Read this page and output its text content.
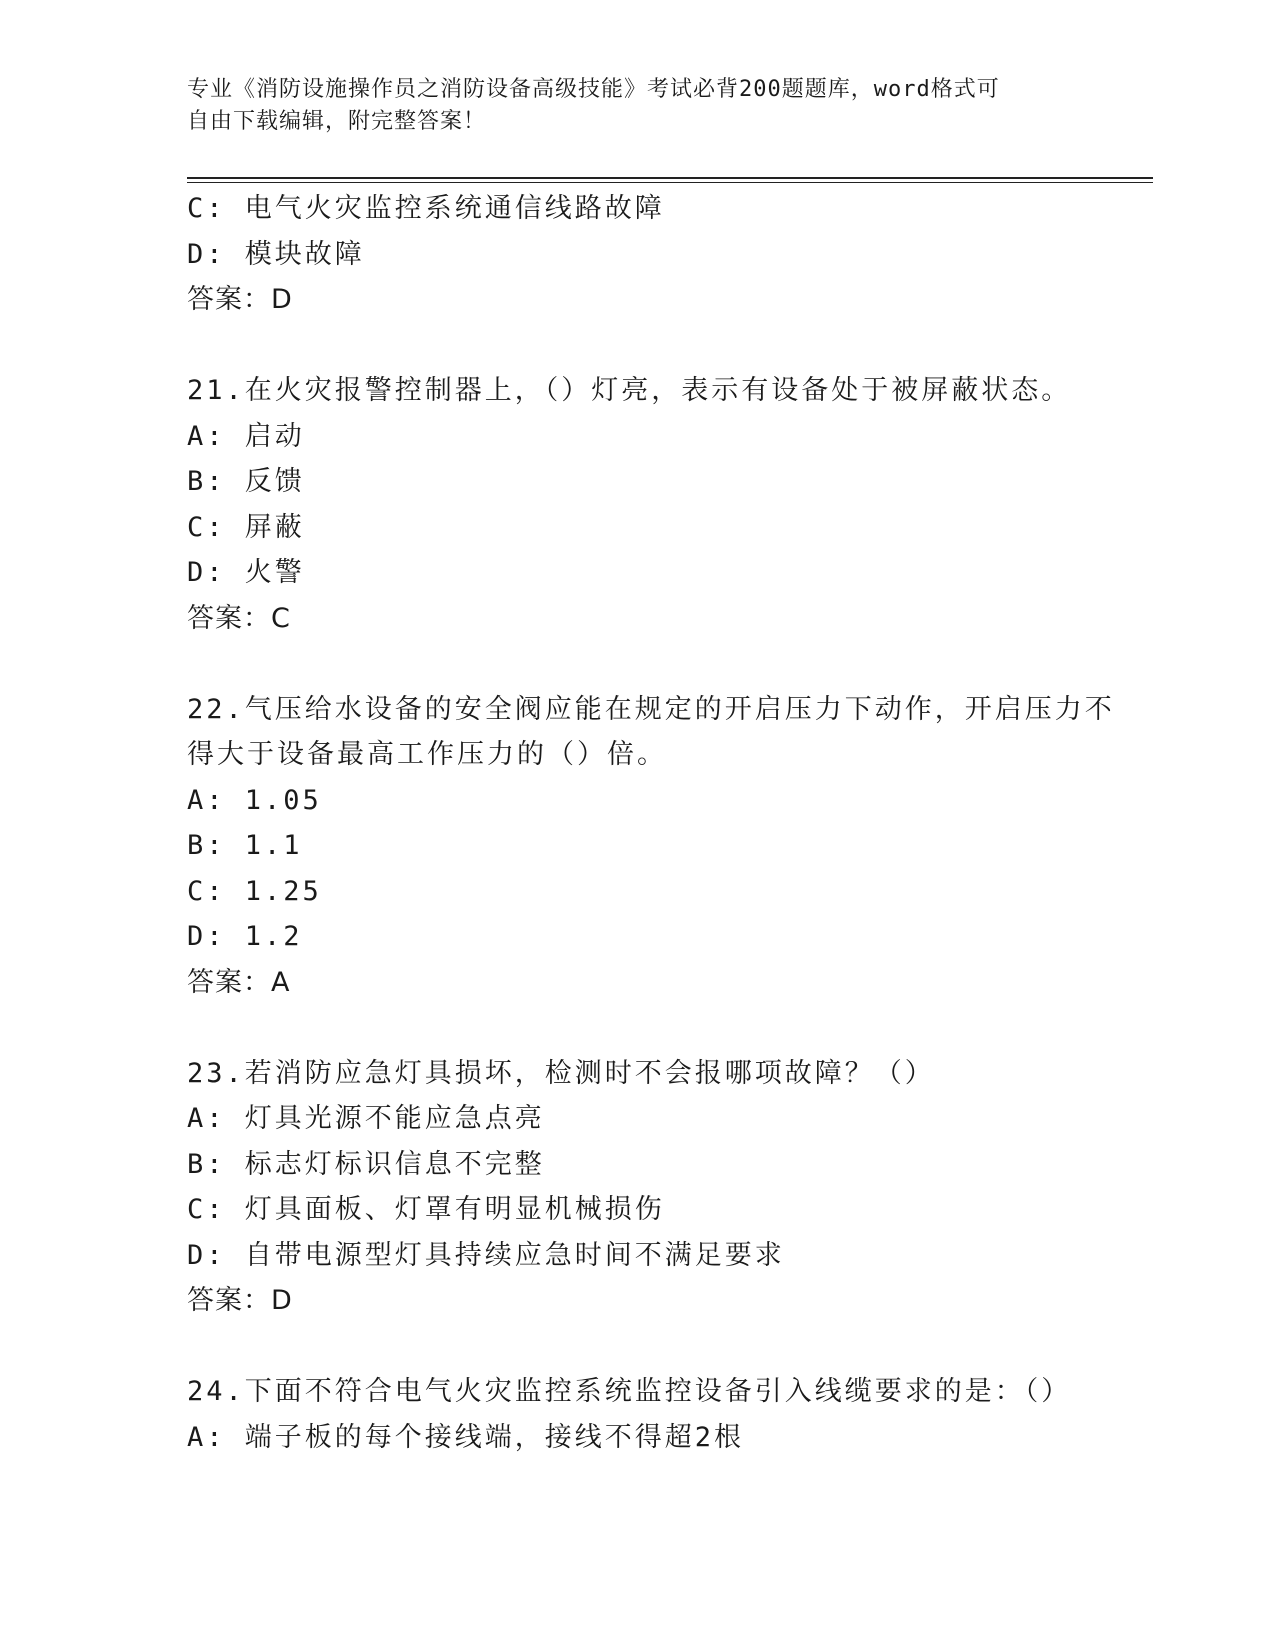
专业《消防设施操作员之消防设备高级技能》考试必背200题题库，word格式可
自由下载编辑，附完整答案！
C: 电气火灾监控系统通信线路故障
D: 模块故障
答案：D
21.在火灾报警控制器上，（）灯亮，表示有设备处于被屏蔽状态。
A: 启动
B: 反馈
C: 屏蔽
D: 火警
答案：C
22.气压给水设备的安全阀应能在规定的开启压力下动作，开启压力不
得大于设备最高工作压力的（）倍。
A: 1.05
B: 1.1
C: 1.25
D: 1.2
答案：A
23.若消防应急灯具损坏，检测时不会报哪项故障？（）
A: 灯具光源不能应急点亮
B: 标志灯标识信息不完整
C: 灯具面板、灯罩有明显机械损伤
D: 自带电源型灯具持续应急时间不满足要求
答案：D
24.下面不符合电气火灾监控系统监控设备引入线缆要求的是：（）
A: 端子板的每个接线端，接线不得超2根
